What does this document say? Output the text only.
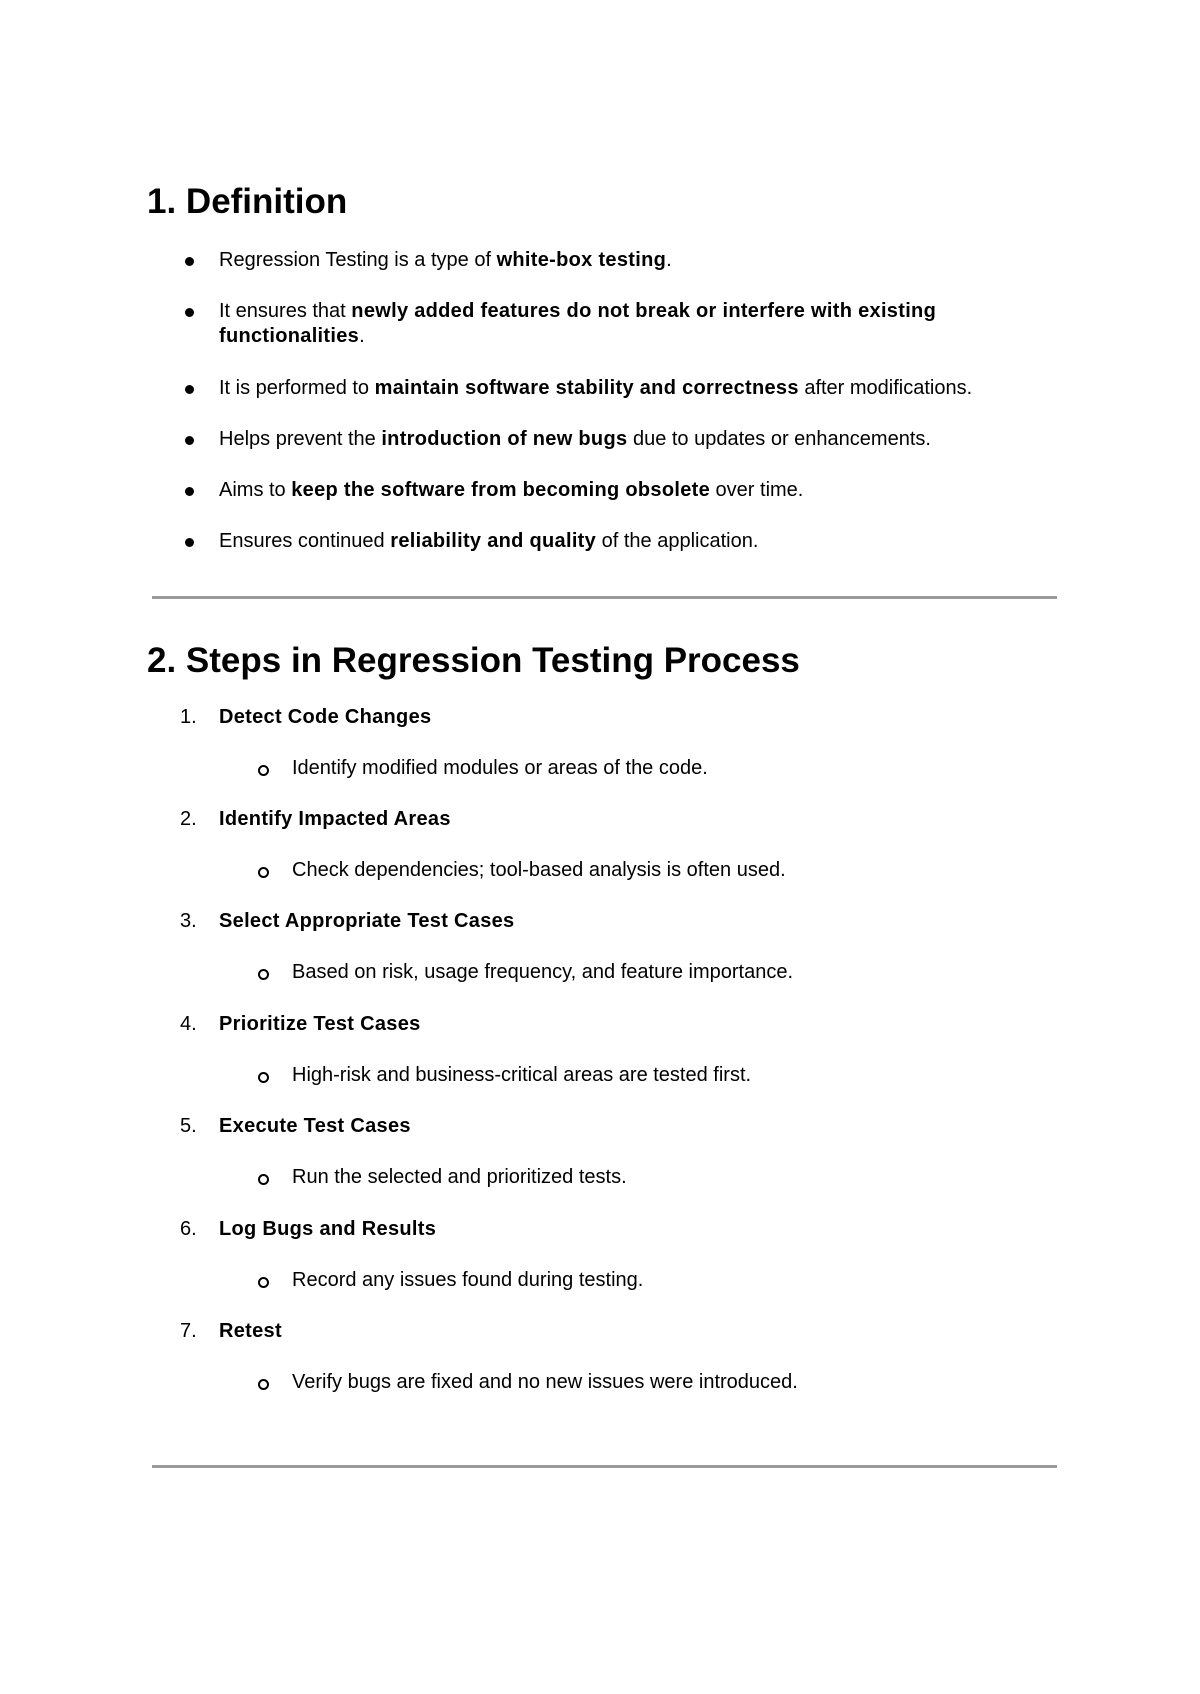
1. Definition
Regression Testing is a type of white-box testing.
It ensures that newly added features do not break or interfere with existing functionalities.
It is performed to maintain software stability and correctness after modifications.
Helps prevent the introduction of new bugs due to updates or enhancements.
Aims to keep the software from becoming obsolete over time.
Ensures continued reliability and quality of the application.
2. Steps in Regression Testing Process
1. Detect Code Changes
Identify modified modules or areas of the code.
2. Identify Impacted Areas
Check dependencies; tool-based analysis is often used.
3. Select Appropriate Test Cases
Based on risk, usage frequency, and feature importance.
4. Prioritize Test Cases
High-risk and business-critical areas are tested first.
5. Execute Test Cases
Run the selected and prioritized tests.
6. Log Bugs and Results
Record any issues found during testing.
7. Retest
Verify bugs are fixed and no new issues were introduced.
